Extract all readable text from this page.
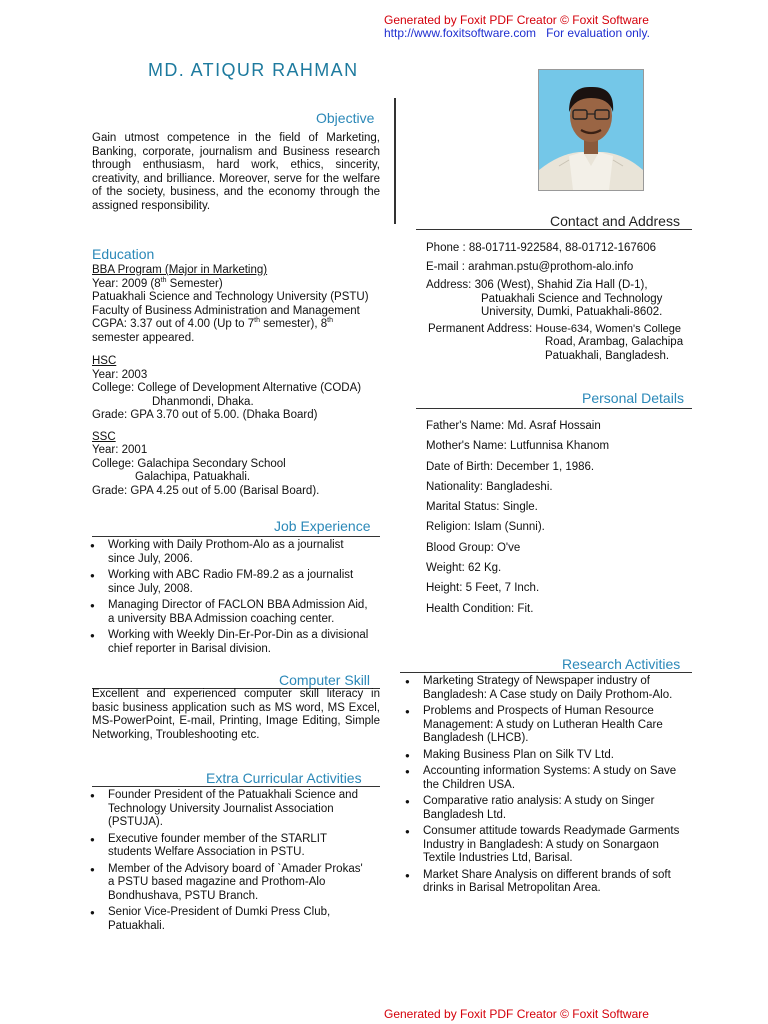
Generated by Foxit PDF Creator © Foxit Software
http://www.foxitsoftware.com For evaluation only.
MD. ATIQUR RAHMAN
Objective
Gain utmost competence in the field of Marketing, Banking, corporate, journalism and Business research through enthusiasm, hard work, ethics, sincerity, creativity, and brilliance. Moreover, serve for the welfare of the society, business, and the economy through the assigned responsibility.
Contact and Address
Phone : 88-01711-922584, 88-01712-167606
E-mail : arahman.pstu@prothom-alo.info
Address: 306 (West), Shahid Zia Hall (D-1),
Patuakhali Science and Technology
University, Dumki, Patuakhali-8602.
Permanent Address: House-634, Women's College
Road, Arambag, Galachipa
Patuakhali, Bangladesh.
Education
BBA Program (Major in Marketing)
Year: 2009 (8th Semester)
Patuakhali Science and Technology University (PSTU)
Faculty of Business Administration and Management
CGPA: 3.37 out of 4.00 (Up to 7th semester), 8th
semester appeared.
HSC
Year: 2003
College: College of Development Alternative (CODA)
Dhanmondi, Dhaka.
Grade: GPA 3.70 out of 5.00. (Dhaka Board)
SSC
Year: 2001
College: Galachipa Secondary School
Galachipa, Patuakhali.
Grade: GPA 4.25 out of 5.00 (Barisal Board).
Personal Details
Father's Name: Md. Asraf Hossain
Mother's Name: Lutfunnisa Khanom
Date of Birth: December 1, 1986.
Nationality: Bangladeshi.
Marital Status: Single.
Religion: Islam (Sunni).
Blood Group: O've
Weight: 62 Kg.
Height: 5 Feet, 7 Inch.
Health Condition: Fit.
Job Experience
● Working with Daily Prothom-Alo as a journalist since July, 2006.
● Working with ABC Radio FM-89.2 as a journalist since July, 2008.
● Managing Director of FACLON BBA Admission Aid, a university BBA Admission coaching center.
● Working with Weekly Din-Er-Por-Din as a divisional chief reporter in Barisal division.
Computer Skill
Excellent and experienced computer skill literacy in basic business application such as MS word, MS Excel, MS-PowerPoint, E-mail, Printing, Image Editing, Simple Networking, Troubleshooting etc.
Research Activities
● Marketing Strategy of Newspaper industry of Bangladesh: A Case study on Daily Prothom-Alo.
● Problems and Prospects of Human Resource Management: A study on Lutheran Health Care Bangladesh (LHCB).
● Making Business Plan on Silk TV Ltd.
● Accounting information Systems: A study on Save the Children USA.
● Comparative ratio analysis: A study on Singer Bangladesh Ltd.
● Consumer attitude towards Readymade Garments Industry in Bangladesh: A study on Sonargaon Textile Industries Ltd, Barisal.
● Market Share Analysis on different brands of soft drinks in Barisal Metropolitan Area.
Extra Curricular Activities
● Founder President of the Patuakhali Science and Technology University Journalist Association (PSTUJA).
● Executive founder member of the STARLIT students Welfare Association in PSTU.
● Member of the Advisory board of `Amader Prokas' a PSTU based magazine and Prothom-Alo Bondhushava, PSTU Branch.
● Senior Vice-President of Dumki Press Club, Patuakhali.
Generated by Foxit PDF Creator © Foxit Software
